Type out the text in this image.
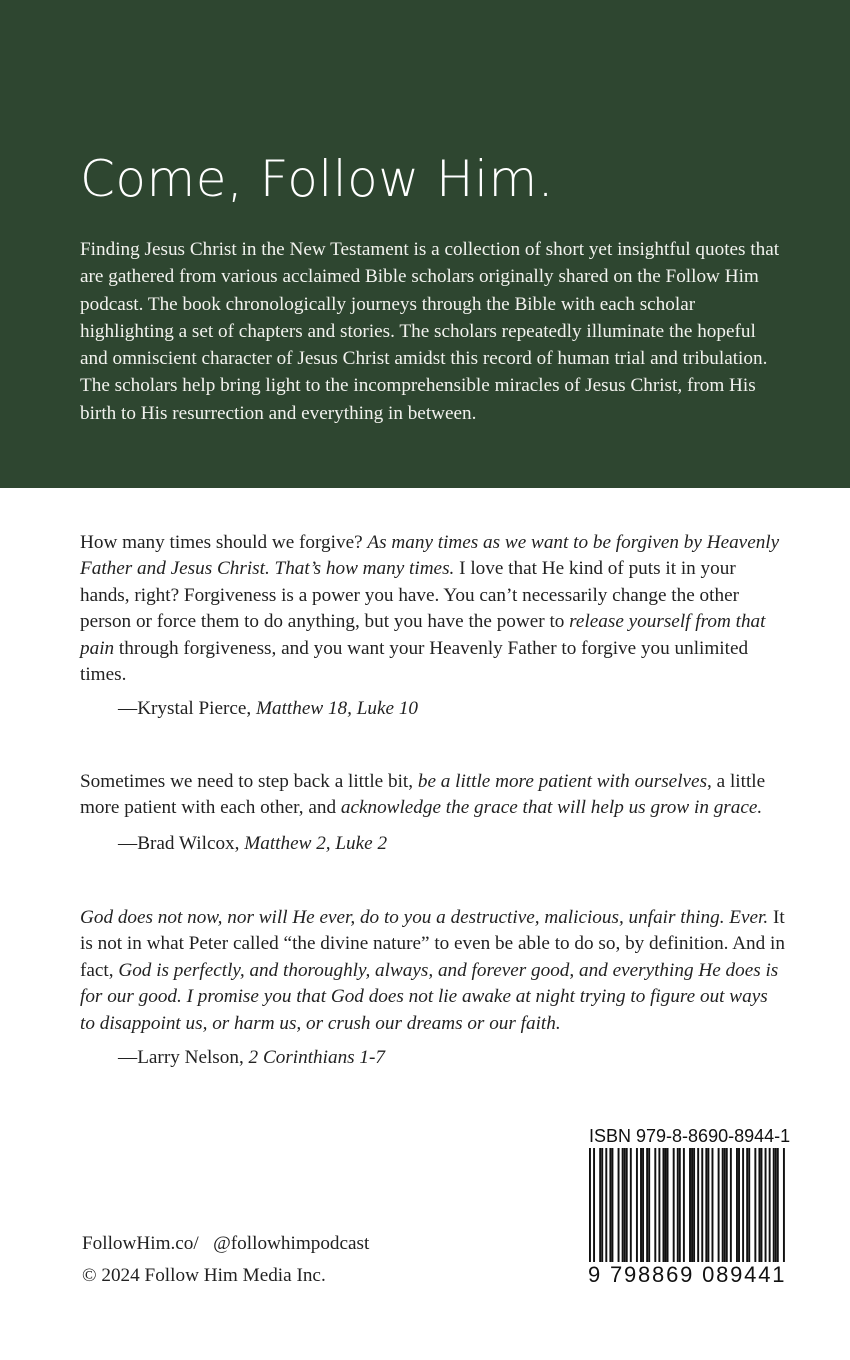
Come, Follow Him.

Finding Jesus Christ in the New Testament is a collection of short yet insightful quotes that are gathered from various acclaimed Bible scholars originally shared on the Follow Him podcast. The book chronologically journeys through the Bible with each scholar highlighting a set of chapters and stories. The scholars repeatedly illuminate the hopeful and omniscient character of Jesus Christ amidst this record of human trial and tribulation. The scholars help bring light to the incomprehensible miracles of Jesus Christ, from His birth to His resurrection and everything in between.

How many times should we forgive? As many times as we want to be forgiven by Heavenly Father and Jesus Christ. That’s how many times. I love that He kind of puts it in your hands, right? Forgiveness is a power you have. You can’t necessarily change the other person or force them to do anything, but you have the power to release yourself from that pain through forgiveness, and you want your Heavenly Father to forgive you unlimited times.

—Krystal Pierce, Matthew 18, Luke 10

Sometimes we need to step back a little bit, be a little more patient with ourselves, a little more patient with each other, and acknowledge the grace that will help us grow in grace.

—Brad Wilcox, Matthew 2, Luke 2

God does not now, nor will He ever, do to you a destructive, malicious, unfair thing. Ever. It is not in what Peter called “the divine nature” to even be able to do so, by definition. And in fact, God is perfectly, and thoroughly, always, and forever good, and everything He does is for our good. I promise you that God does not lie awake at night trying to figure out ways to disappoint us, or harm us, or crush our dreams or our faith.

—Larry Nelson, 2 Corinthians 1-7

ISBN 979-8-8690-8944-1
9 798869 089441

FollowHim.co/ @followhimpodcast

© 2024 Follow Him Media Inc.
